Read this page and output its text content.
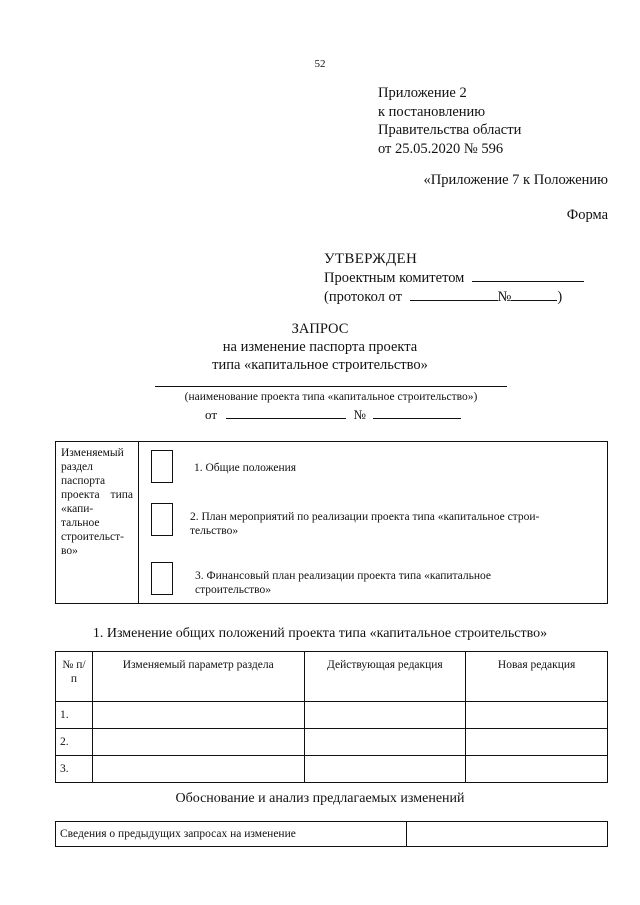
52
Приложение 2
к постановлению
Правительства области
от 25.05.2020 № 596
«Приложение 7 к Положению
Форма
УТВЕРЖДЕН
Проектным комитетом
(протокол от	№	)
ЗАПРОС
на изменение паспорта проекта
типа «капитальное строительство»
(наименование проекта типа «капитальное строительство»)
от	№
Изменяемый
раздел паспорта проекта типа «капи-
тальное строительст-
во»
1. Общие положения
2. План мероприятий по реализации проекта типа «капитальное строи-
тельство»
3. Финансовый план реализации проекта типа «капитальное
строительство»
1. Изменение общих положений проекта типа «капитальное строительство»
№ п/п	Изменяемый параметр раздела	Действующая редакция	Новая редакция
1.			
2.			
3.			
Обоснование и анализ предлагаемых изменений
Сведения о предыдущих запросах на изменение	
